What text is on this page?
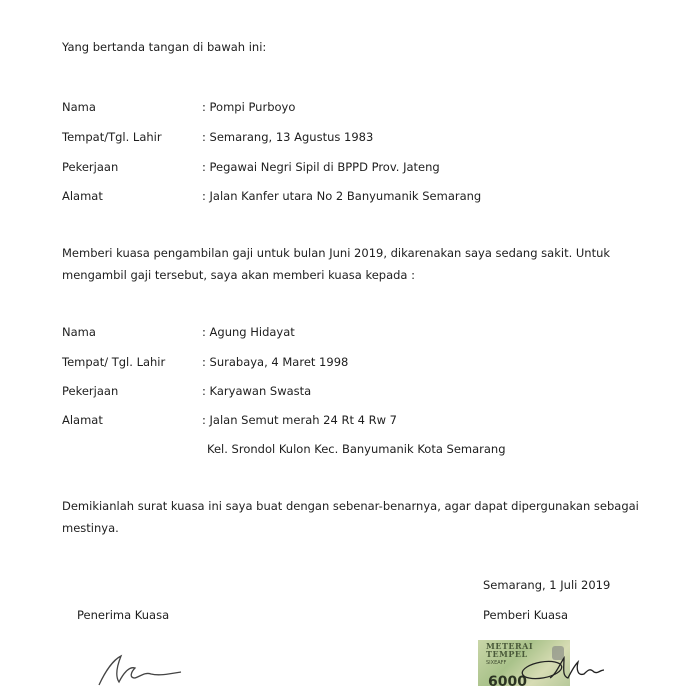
Yang bertanda tangan di bawah ini:
Nama	: Pompi Purboyo
Tempat/Tgl. Lahir	: Semarang, 13 Agustus 1983
Pekerjaan	: Pegawai Negri Sipil di BPPD Prov. Jateng
Alamat	: Jalan Kanfer utara No 2 Banyumanik Semarang
Memberi kuasa pengambilan gaji untuk bulan Juni 2019, dikarenakan saya sedang sakit. Untuk
mengambil gaji tersebut, saya akan memberi kuasa kepada :
Nama	: Agung Hidayat
Tempat/ Tgl. Lahir	: Surabaya, 4 Maret 1998
Pekerjaan	: Karyawan Swasta
Alamat	: Jalan Semut merah 24 Rt 4 Rw 7
Kel. Srondol Kulon Kec. Banyumanik Kota Semarang
Demikianlah surat kuasa ini saya buat dengan sebenar-benarnya, agar dapat dipergunakan sebagai
mestinya.
Semarang, 1 Juli 2019
Penerima Kuasa	Pemberi Kuasa
METERAI
TEMPEL
SIXEAFF
6000
